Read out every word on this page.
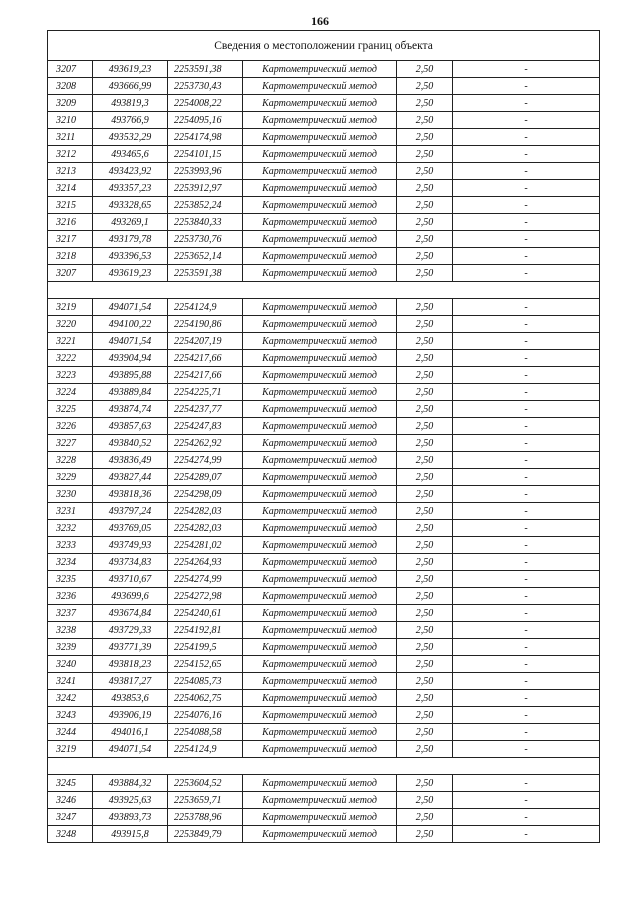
166
Сведения о местоположении границ объекта					
3207	493619,23	2253591,38	Картометрический метод	2,50	-
3208	493666,99	2253730,43	Картометрический метод	2,50	-
3209	493819,3	2254008,22	Картометрический метод	2,50	-
3210	493766,9	2254095,16	Картометрический метод	2,50	-
3211	493532,29	2254174,98	Картометрический метод	2,50	-
3212	493465,6	2254101,15	Картометрический метод	2,50	-
3213	493423,92	2253993,96	Картометрический метод	2,50	-
3214	493357,23	2253912,97	Картометрический метод	2,50	-
3215	493328,65	2253852,24	Картометрический метод	2,50	-
3216	493269,1	2253840,33	Картометрический метод	2,50	-
3217	493179,78	2253730,76	Картометрический метод	2,50	-
3218	493396,53	2253652,14	Картометрический метод	2,50	-
3207	493619,23	2253591,38	Картометрический метод	2,50	-

3219	494071,54	2254124,9	Картометрический метод	2,50	-
3220	494100,22	2254190,86	Картометрический метод	2,50	-
3221	494071,54	2254207,19	Картометрический метод	2,50	-
3222	493904,94	2254217,66	Картометрический метод	2,50	-
3223	493895,88	2254217,66	Картометрический метод	2,50	-
3224	493889,84	2254225,71	Картометрический метод	2,50	-
3225	493874,74	2254237,77	Картометрический метод	2,50	-
3226	493857,63	2254247,83	Картометрический метод	2,50	-
3227	493840,52	2254262,92	Картометрический метод	2,50	-
3228	493836,49	2254274,99	Картометрический метод	2,50	-
3229	493827,44	2254289,07	Картометрический метод	2,50	-
3230	493818,36	2254298,09	Картометрический метод	2,50	-
3231	493797,24	2254282,03	Картометрический метод	2,50	-
3232	493769,05	2254282,03	Картометрический метод	2,50	-
3233	493749,93	2254281,02	Картометрический метод	2,50	-
3234	493734,83	2254264,93	Картометрический метод	2,50	-
3235	493710,67	2254274,99	Картометрический метод	2,50	-
3236	493699,6	2254272,98	Картометрический метод	2,50	-
3237	493674,84	2254240,61	Картометрический метод	2,50	-
3238	493729,33	2254192,81	Картометрический метод	2,50	-
3239	493771,39	2254199,5	Картометрический метод	2,50	-
3240	493818,23	2254152,65	Картометрический метод	2,50	-
3241	493817,27	2254085,73	Картометрический метод	2,50	-
3242	493853,6	2254062,75	Картометрический метод	2,50	-
3243	493906,19	2254076,16	Картометрический метод	2,50	-
3244	494016,1	2254088,58	Картометрический метод	2,50	-
3219	494071,54	2254124,9	Картометрический метод	2,50	-

3245	493884,32	2253604,52	Картометрический метод	2,50	-
3246	493925,63	2253659,71	Картометрический метод	2,50	-
3247	493893,73	2253788,96	Картометрический метод	2,50	-
3248	493915,8	2253849,79	Картометрический метод	2,50	-
